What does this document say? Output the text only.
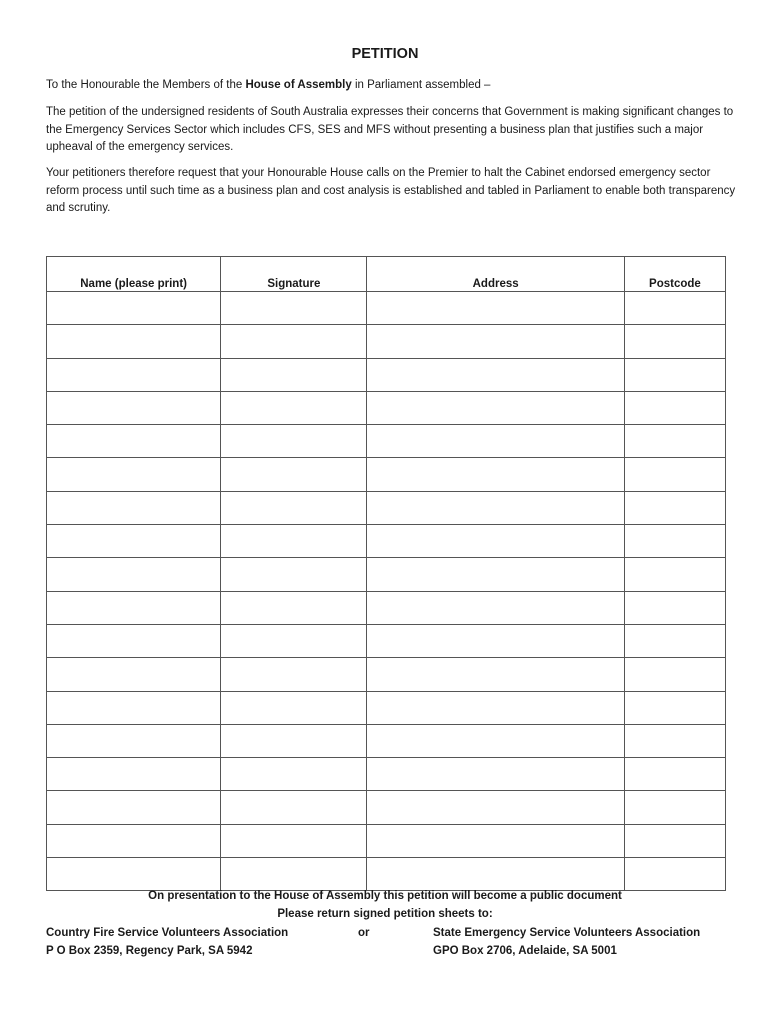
PETITION
To the Honourable the Members of the House of Assembly in Parliament assembled –
The petition of the undersigned residents of South Australia expresses their concerns that Government is making significant changes to the Emergency Services Sector which includes CFS, SES and MFS without presenting a business plan that justifies such a major upheaval of the emergency services.
Your petitioners therefore request that your Honourable House calls on the Premier to halt the Cabinet endorsed emergency sector reform process until such time as a business plan and cost analysis is established and tabled in Parliament to enable both transparency and scrutiny.
Name (please print)	Signature	Address	Postcode

On presentation to the House of Assembly this petition will become a public document
Please return signed petition sheets to:
Country Fire Service Volunteers Association
P O Box 2359, Regency Park, SA 5942
or	State Emergency Service Volunteers Association
GPO Box 2706, Adelaide, SA 5001
